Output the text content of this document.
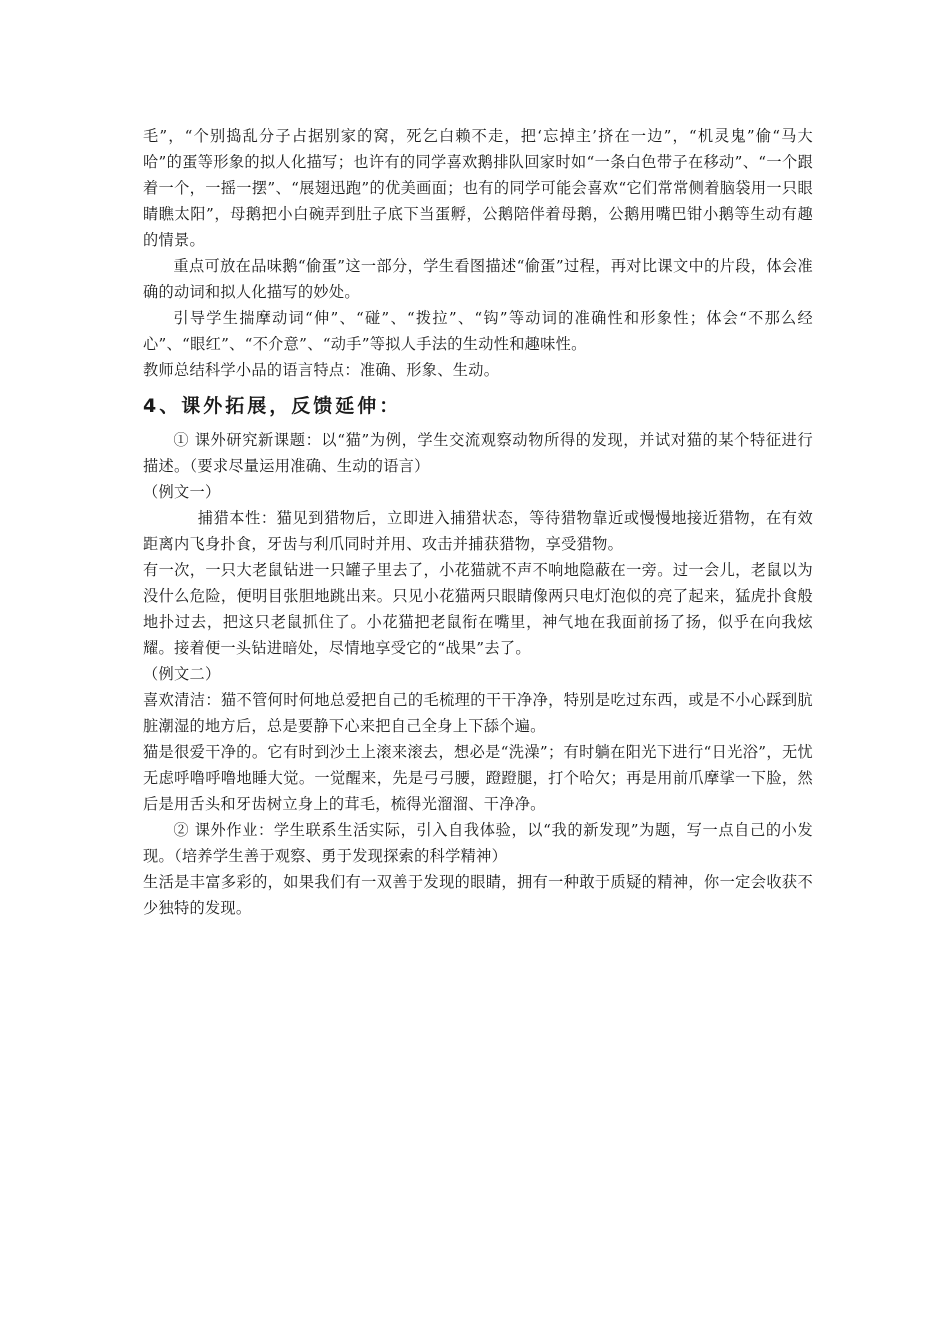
毛”，“个别捣乱分子占据别家的窝，死乞白赖不走，把‘忘掉主’挤在一边”，“机灵鬼”偷“马大哈”的蛋等形象的拟人化描写；也许有的同学喜欢鹅排队回家时如“一条白色带子在移动”、“一个跟着一个，一摇一摆”、“展翅迅跑”的优美画面；也有的同学可能会喜欢“它们常常侧着脑袋用一只眼睛瞧太阳”，母鹅把小白碗弄到肚子底下当蛋孵，公鹅陪伴着母鹅，公鹅用嘴巴钳小鹅等生动有趣的情景。

重点可放在品味鹅“偷蛋”这一部分，学生看图描述“偷蛋”过程，再对比课文中的片段，体会准确的动词和拟人化描写的妙处。

引导学生揣摩动词“伸”、“碰”、“拨拉”、“钩”等动词的准确性和形象性；体会“不那么经心”、“眼红”、“不介意”、“动手”等拟人手法的生动性和趣味性。

教师总结科学小品的语言特点：准确、形象、生动。

4、课外拓展，反馈延伸：

① 课外研究新课题：以“猫”为例，学生交流观察动物所得的发现，并试对猫的某个特征进行描述。（要求尽量运用准确、生动的语言）

（例文一）

捕猎本性：猫见到猎物后，立即进入捕猎状态，等待猎物靠近或慢慢地接近猎物，在有效距离内飞身扑食，牙齿与利爪同时并用、攻击并捕获猎物，享受猎物。

有一次，一只大老鼠钻进一只罐子里去了，小花猫就不声不响地隐蔽在一旁。过一会儿，老鼠以为没什么危险，便明目张胆地跳出来。只见小花猫两只眼睛像两只电灯泡似的亮了起来，猛虎扑食般地扑过去，把这只老鼠抓住了。小花猫把老鼠衔在嘴里，神气地在我面前扬了扬，似乎在向我炫耀。接着便一头钻进暗处，尽情地享受它的“战果”去了。

（例文二）

喜欢清洁：猫不管何时何地总爱把自己的毛梳理的干干净净，特别是吃过东西，或是不小心踩到肮脏潮湿的地方后，总是要静下心来把自己全身上下舔个遍。

猫是很爱干净的。它有时到沙土上滚来滚去，想必是“洗澡”；有时躺在阳光下进行“日光浴”，无忧无虑呼噜呼噜地睡大觉。一觉醒来，先是弓弓腰，蹬蹬腿，打个哈欠；再是用前爪摩挲一下脸，然后是用舌头和牙齿树立身上的茸毛，梳得光溜溜、干净净。

② 课外作业：学生联系生活实际，引入自我体验，以“我的新发现”为题，写一点自己的小发现。（培养学生善于观察、勇于发现探索的科学精神）

生活是丰富多彩的，如果我们有一双善于发现的眼睛，拥有一种敢于质疑的精神，你一定会收获不少独特的发现。
